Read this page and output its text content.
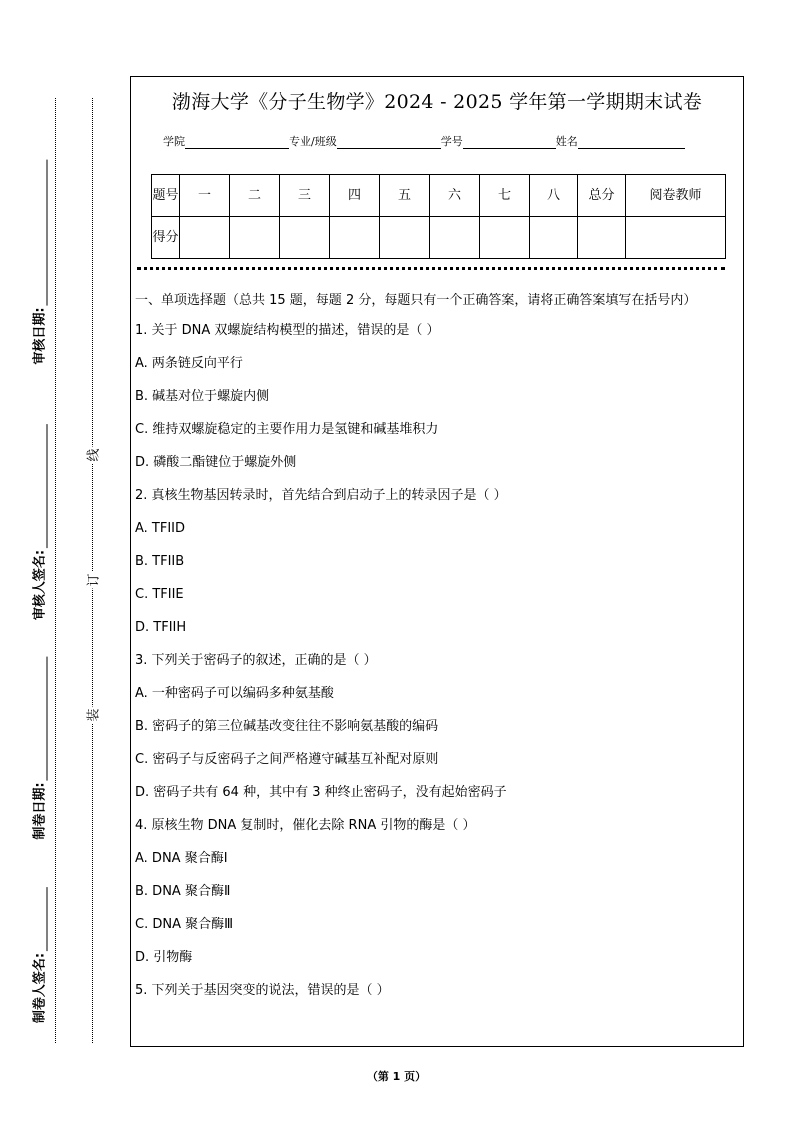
审核日期:
审核人签名:
制卷日期:
制卷人签名:
线
订
装
渤海大学《分子生物学》2024 - 2025 学年第一学期期末试卷
学院	专业/班级	学号	姓名
题号	一	二	三	四	五	六	七	八	总分	阅卷教师
得分										
一、单项选择题（总共 15 题，每题 2 分，每题只有一个正确答案，请将正确答案填写在括号内）
1. 关于 DNA 双螺旋结构模型的描述，错误的是（ ）
A. 两条链反向平行
B. 碱基对位于螺旋内侧
C. 维持双螺旋稳定的主要作用力是氢键和碱基堆积力
D. 磷酸二酯键位于螺旋外侧
2. 真核生物基因转录时，首先结合到启动子上的转录因子是（ ）
A. TFIID
B. TFIIB
C. TFIIE
D. TFIIH
3. 下列关于密码子的叙述，正确的是（ ）
A. 一种密码子可以编码多种氨基酸
B. 密码子的第三位碱基改变往往不影响氨基酸的编码
C. 密码子与反密码子之间严格遵守碱基互补配对原则
D. 密码子共有 64 种，其中有 3 种终止密码子，没有起始密码子
4. 原核生物 DNA 复制时，催化去除 RNA 引物的酶是（ ）
A. DNA 聚合酶Ⅰ
B. DNA 聚合酶Ⅱ
C. DNA 聚合酶Ⅲ
D. 引物酶
5. 下列关于基因突变的说法，错误的是（ ）
（第 1 页）
